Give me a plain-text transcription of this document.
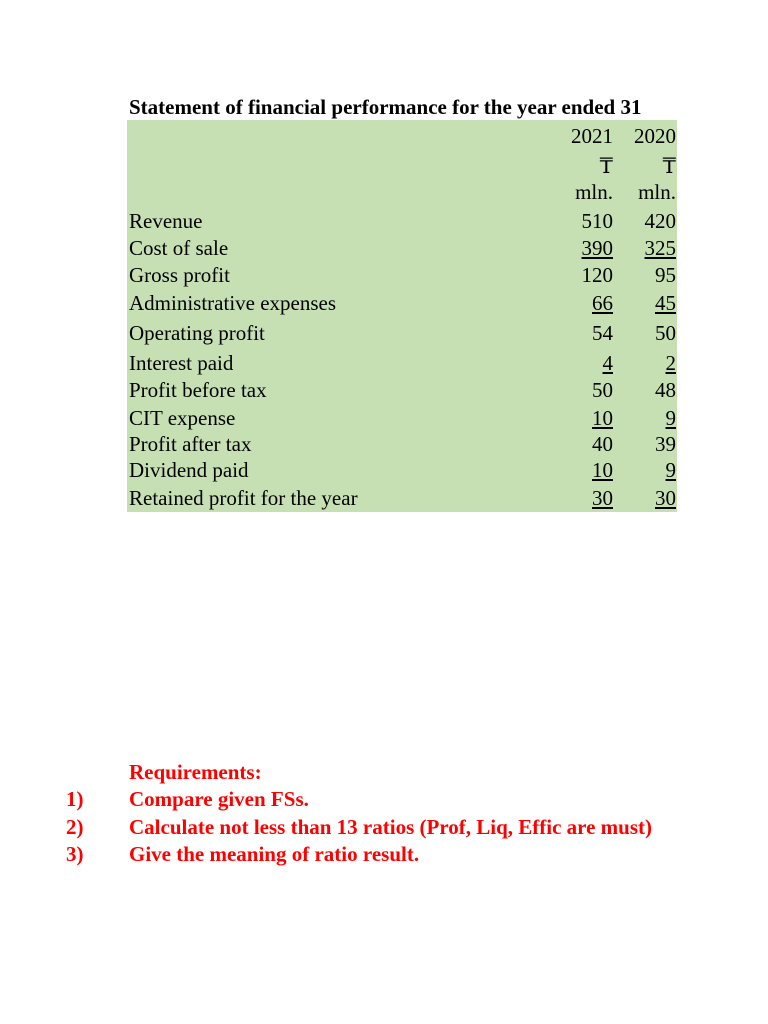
Statement of financial performance for the year ended 31
2021 2020
₸ ₸
mln. mln.
Revenue	510 420
Cost of sale	390 325
Gross profit	120 95
Administrative expenses	66 45
Operating profit	54 50
Interest paid	4	2
Profit before tax	50 48
CIT expense	10	9
Profit after tax	40 39
Dividend paid	10	9
Retained profit for the year	30 30
Requirements:
1) Compare given FSs.
2) Calculate not less than 13 ratios (Prof, Liq, Effic are must)
3) Give the meaning of ratio result.
